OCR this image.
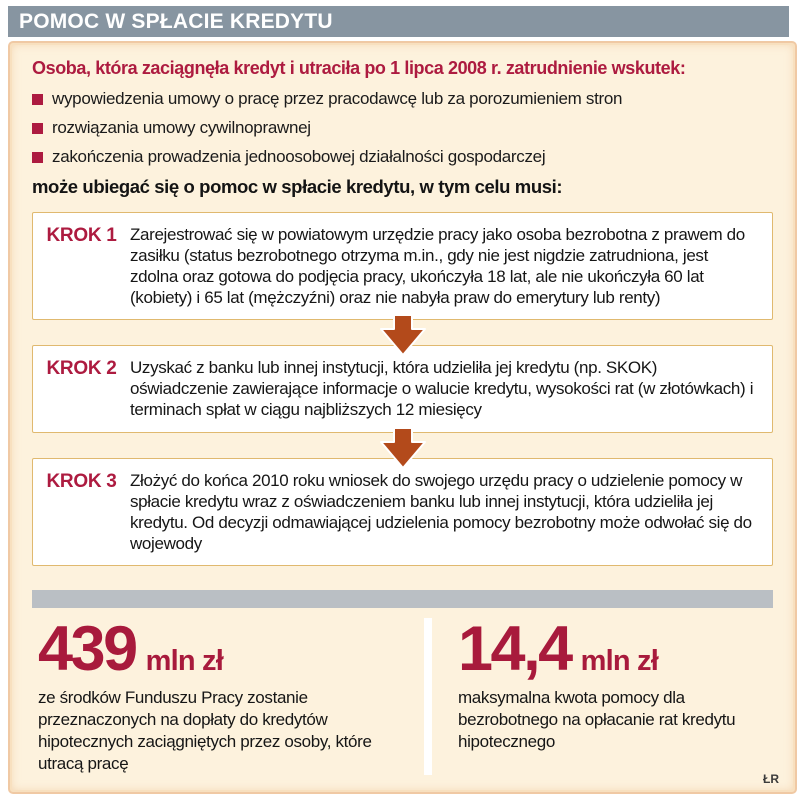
POMOC W SPŁACIE KREDYTU
Osoba, która zaciągnęła kredyt i utraciła po 1 lipca 2008 r. zatrudnienie wskutek:
wypowiedzenia umowy o pracę przez pracodawcę lub za porozumieniem stron
rozwiązania umowy cywilnoprawnej
zakończenia prowadzenia jednoosobowej działalności gospodarczej
może ubiegać się o pomoc w spłacie kredytu, w tym celu musi:
KROK 1 Zarejestrować się w powiatowym urzędzie pracy jako osoba bezrobotna z prawem do zasiłku (status bezrobotnego otrzyma m.in., gdy nie jest nigdzie zatrudniona, jest zdolna oraz gotowa do podjęcia pracy, ukończyła 18 lat, ale nie ukończyła 60 lat (kobiety) i 65 lat (mężczyźni) oraz nie nabyła praw do emerytury lub renty)
KROK 2 Uzyskać z banku lub innej instytucji, która udzieliła jej kredytu (np. SKOK) oświadczenie zawierające informacje o walucie kredytu, wysokości rat (w złotówkach) i terminach spłat w ciągu najbliższych 12 miesięcy
KROK 3 Złożyć do końca 2010 roku wniosek do swojego urzędu pracy o udzielenie pomocy w spłacie kredytu wraz z oświadczeniem banku lub innej instytucji, która udzieliła jej kredytu. Od decyzji odmawiającej udzielenia pomocy bezrobotny może odwołać się do wojewody
439 mln zł
ze środków Funduszu Pracy zostanie przeznaczonych na dopłaty do kredytów hipotecznych zaciągniętych przez osoby, które utracą pracę
14,4 mln zł
maksymalna kwota pomocy dla bezrobotnego na opłacanie rat kredytu hipotecznego
ŁR
